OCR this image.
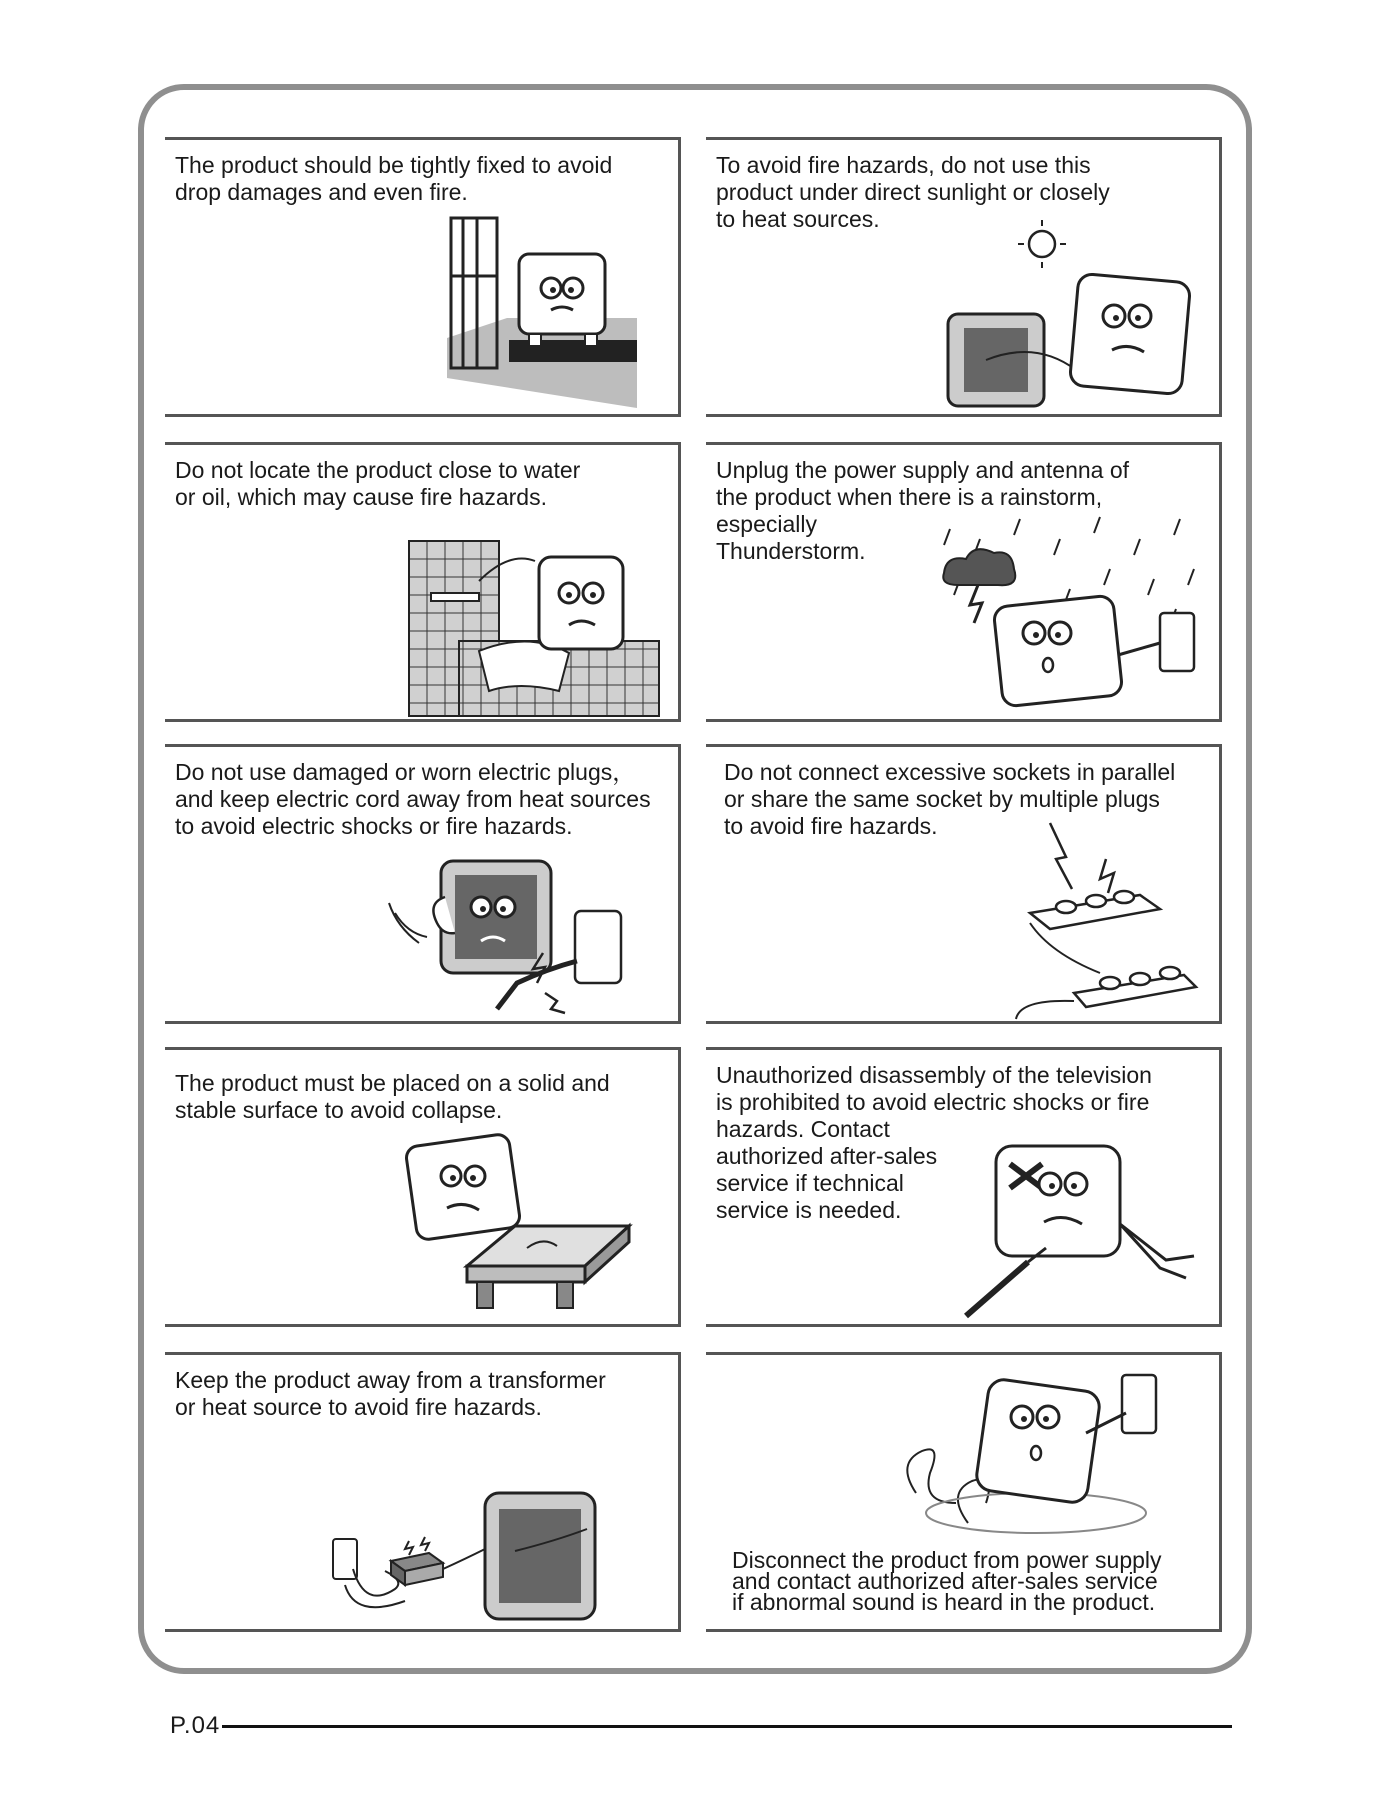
The product should be tightly fixed to avoid
drop damages and even fire.

To avoid fire hazards, do not use this
product under direct sunlight or closely
to heat sources.

Do not locate the product close to water
or oil, which may cause fire hazards.

Unplug the power supply and antenna of
the product when there is a rainstorm,
especially
Thunderstorm.

Do not use damaged or worn electric plugs，
and keep electric cord away from heat sources
to avoid electric shocks or fire hazards.

Do not connect excessive sockets in parallel
or share the same socket by multiple plugs
to avoid fire hazards.

The product must be placed on a solid and
stable surface to avoid collapse.

Unauthorized disassembly of the television
is prohibited to avoid electric shocks or fire
hazards. Contact
authorized after-sales
service if technical
service is needed.

Keep the product away from a transformer
or heat source to avoid fire hazards.

Disconnect the product from power supply
and contact authorized after-sales service
if abnormal sound is heard in the product.

P.04
